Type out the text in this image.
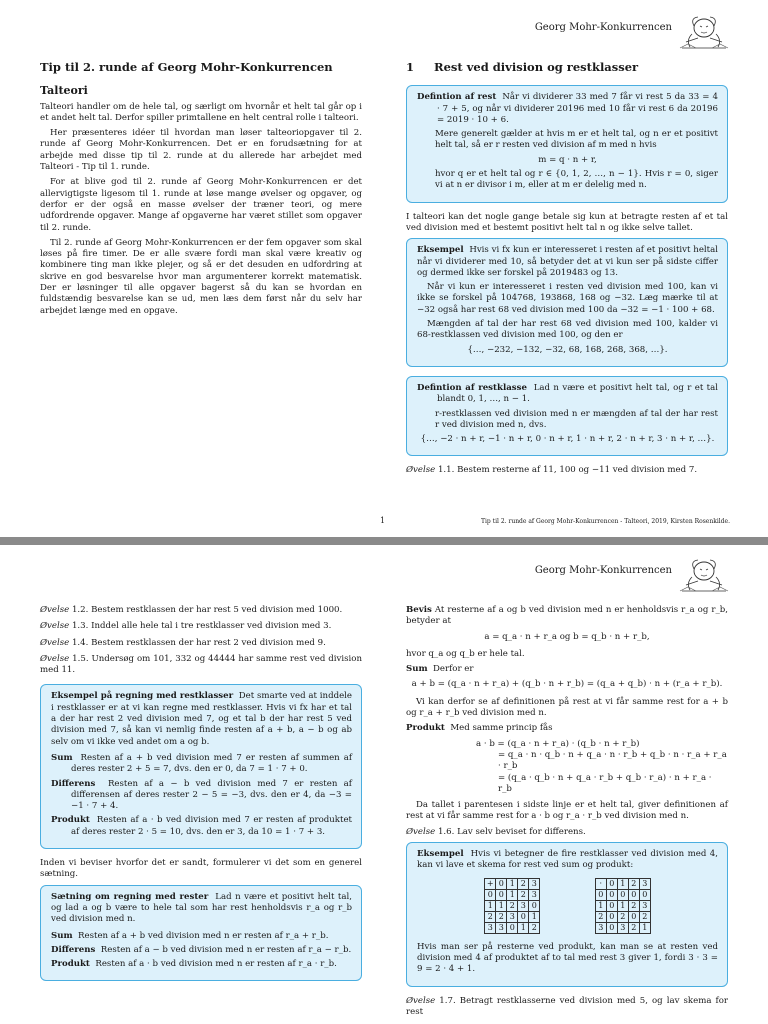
Georg Mohr-Konkurrencen
Tip til 2. runde af Georg Mohr-Konkurrencen
Talteori

Talteori handler om de hele tal, og særligt om hvornår et helt tal går op i et andet helt tal. Derfor spiller primtallene en helt central rolle i talteori.

Her præsenteres idéer til hvordan man løser talteoriopgaver til 2. runde af Georg Mohr-Konkurrencen. Det er en forudsætning for at arbejde med disse tip til 2. runde at du allerede har arbejdet med Talteori - Tip til 1. runde.

For at blive god til 2. runde af Georg Mohr-Konkurrencen er det allervigtigste ligesom til 1. runde at løse mange øvelser og opgaver, og derfor er der også en masse øvelser der træner teori, og mere udfordrende opgaver. Mange af opgaverne har været stillet som opgaver til 2. runde.

Til 2. runde af Georg Mohr-Konkurrencen er der fem opgaver som skal løses på fire timer. De er alle svære fordi man skal være kreativ og kombinere ting man ikke plejer, og så er det desuden en udfordring at skrive en god besvarelse hvor man argumenterer korrekt matematisk. Der er løsninger til alle opgaver bagerst så du kan se hvordan en fuldstændig besvarelse kan se ud, men læs dem først når du selv har arbejdet længe med en opgave.

1 Rest ved division og restklasser

Defintion af rest Når vi dividerer 33 med 7 får vi rest 5 da 33 = 4 · 7 + 5, og når vi dividerer 20196 med 10 får vi rest 6 da 20196 = 2019 · 10 + 6.

Mere generelt gælder at hvis m er et helt tal, og n er et positivt helt tal, så er r resten ved division af m med n hvis

m = q · n + r,

hvor q er et helt tal og r ∈ {0, 1, 2, …, n − 1}. Hvis r = 0, siger vi at n er divisor i m, eller at m er delelig med n.

I talteori kan det nogle gange betale sig kun at betragte resten af et tal ved division med et bestemt positivt helt tal n og ikke selve tallet.

Eksempel Hvis vi fx kun er interesseret i resten af et positivt heltal når vi dividerer med 10, så betyder det at vi kun ser på sidste ciffer og dermed ikke ser forskel på 2019483 og 13.

Når vi kun er interesseret i resten ved division med 100, kan vi ikke se forskel på 104768, 193868, 168 og −32. Læg mærke til at −32 også har rest 68 ved division med 100 da −32 = −1 · 100 + 68.

Mængden af tal der har rest 68 ved division med 100, kalder vi 68-restklassen ved division med 100, og den er

{…, −232, −132, −32, 68, 168, 268, 368, …}.

Defintion af restklasse Lad n være et positivt helt tal, og r et tal blandt 0, 1, …, n − 1.

r-restklassen ved division med n er mængden af tal der har rest r ved division med n, dvs.

{…, −2 · n + r, −1 · n + r, 0 · n + r, 1 · n + r, 2 · n + r, 3 · n + r, …}.

Øvelse 1.1. Bestem resterne af 11, 100 og −11 ved division med 7.

1	Tip til 2. runde af Georg Mohr-Konkurrencen - Talteori, 2019, Kirsten Rosenkilde.
Georg Mohr-Konkurrencen

Øvelse 1.2. Bestem restklassen der har rest 5 ved division med 1000.

Øvelse 1.3. Inddel alle hele tal i tre restklasser ved division med 3.

Øvelse 1.4. Bestem restklassen der har rest 2 ved division med 9.

Øvelse 1.5. Undersøg om 101, 332 og 44444 har samme rest ved division med 11.

Eksempel på regning med restklasser Det smarte ved at inddele i restklasser er at vi kan regne med restklasser. Hvis vi fx har et tal a der har rest 2 ved division med 7, og et tal b der har rest 5 ved division med 7, så kan vi nemlig finde resten af a + b, a − b og ab selv om vi ikke ved andet om a og b.

Sum Resten af a + b ved division med 7 er resten af summen af deres rester 2 + 5 = 7, dvs. den er 0, da 7 = 1 · 7 + 0.

Differens Resten af a − b ved division med 7 er resten af differensen af deres rester 2 − 5 = −3, dvs. den er 4, da −3 = −1 · 7 + 4.

Produkt Resten af a · b ved division med 7 er resten af produktet af deres rester 2 · 5 = 10, dvs. den er 3, da 10 = 1 · 7 + 3.

Inden vi beviser hvorfor det er sandt, formulerer vi det som en generel sætning.

Sætning om regning med rester Lad n være et positivt helt tal, og lad a og b være to hele tal som har rest henholdsvis r_a og r_b ved division med n.

Sum Resten af a + b ved division med n er resten af r_a + r_b.

Differens Resten af a − b ved division med n er resten af r_a − r_b.

Produkt Resten af a · b ved division med n er resten af r_a · r_b.

Bevis At resterne af a og b ved division med n er henholdsvis r_a og r_b, betyder at

a = q_a · n + r_a og b = q_b · n + r_b,

hvor q_a og q_b er hele tal.

Sum Derfor er

a + b = (q_a · n + r_a) + (q_b · n + r_b) = (q_a + q_b) · n + (r_a + r_b).

Vi kan derfor se af definitionen på rest at vi får samme rest for a + b og r_a + r_b ved division med n.

Produkt Med samme princip fås

a · b = (q_a · n + r_a) · (q_b · n + r_b)
= q_a · n · q_b · n + q_a · n · r_b + q_b · n · r_a + r_a · r_b
= (q_a · q_b · n + q_a · r_b + q_b · r_a) · n + r_a · r_b

Da tallet i parentesen i sidste linje er et helt tal, giver definitionen af rest at vi får samme rest for a · b og r_a · r_b ved division med n.

Øvelse 1.6. Lav selv beviset for differens.

Eksempel Hvis vi betegner de fire restklasser ved division med 4, kan vi lave et skema for rest ved sum og produkt:

+	0	1	2	3
0	0	1	2	3
1	1	2	3	0
2	2	3	0	1
3	3	0	1	2
·	0	1	2	3
0	0	0	0	0
1	0	1	2	3
2	0	2	0	2
3	0	3	2	1

Hvis man ser på resterne ved produkt, kan man se at resten ved division med 4 af produktet af to tal med rest 3 giver 1, fordi 3 · 3 = 9 = 2 · 4 + 1.

Øvelse 1.7. Betragt restklasserne ved division med 5, og lav skema for rest
